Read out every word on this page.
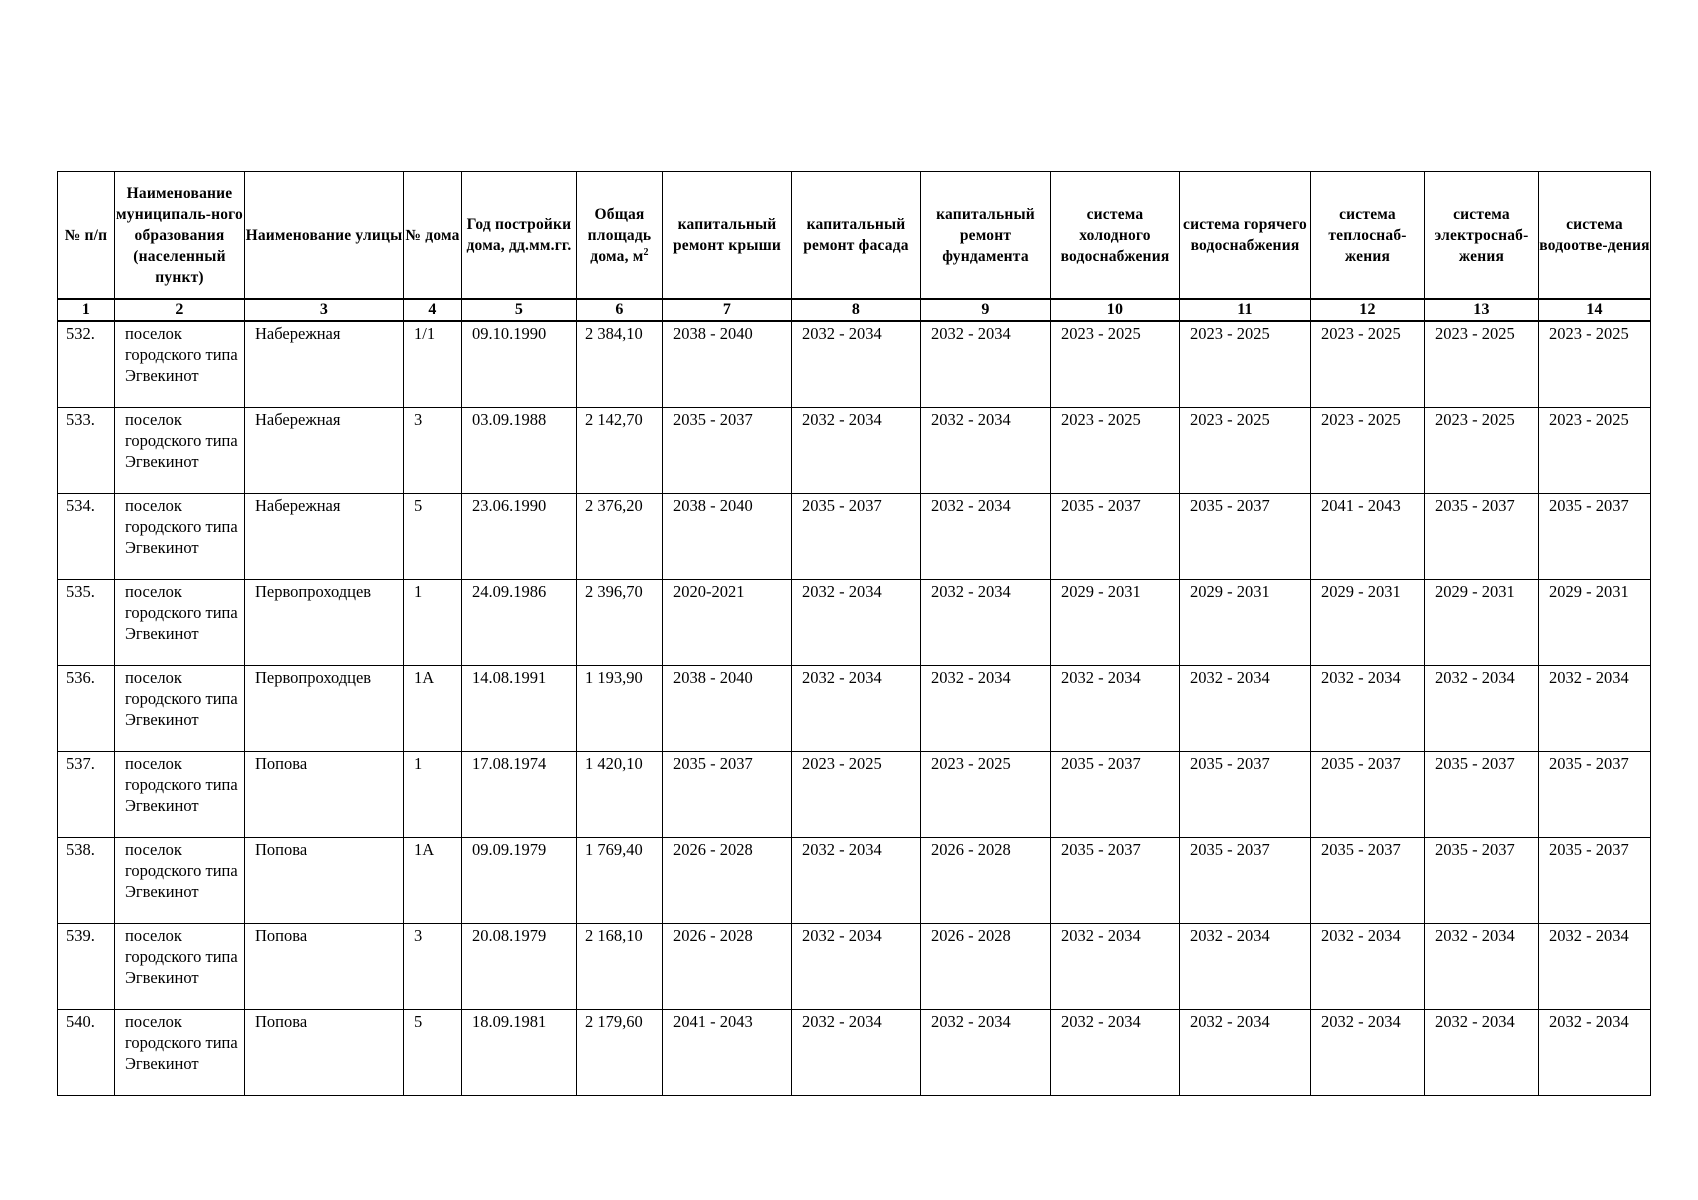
№ п/п	Наименование муниципаль-ного образования (населенный пункт)	Наименование улицы	№ дома	Год постройки дома, дд.мм.гг.	Общая площадь дома, $м^2$	капитальный ремонт крыши	капитальный ремонт фасада	капитальный ремонт фундамента	система холодного водоснабжения	система горячего водоснабжения	система теплоснаб-жения	система электроснаб-жения	система водоотве-дения
1	2	3	4	5	6	7	8	9	10	11	12	13	14
532.	поселок городского типа Эгвекинот	Набережная	1/1	09.10.1990	2 384,10	2038 - 2040	2032 - 2034	2032 - 2034	2023 - 2025	2023 - 2025	2023 - 2025	2023 - 2025	2023 - 2025
533.	поселок городского типа Эгвекинот	Набережная	3	03.09.1988	2 142,70	2035 - 2037	2032 - 2034	2032 - 2034	2023 - 2025	2023 - 2025	2023 - 2025	2023 - 2025	2023 - 2025
534.	поселок городского типа Эгвекинот	Набережная	5	23.06.1990	2 376,20	2038 - 2040	2035 - 2037	2032 - 2034	2035 - 2037	2035 - 2037	2041 - 2043	2035 - 2037	2035 - 2037
535.	поселок городского типа Эгвекинот	Первопроходцев	1	24.09.1986	2 396,70	2020-2021	2032 - 2034	2032 - 2034	2029 - 2031	2029 - 2031	2029 - 2031	2029 - 2031	2029 - 2031
536.	поселок городского типа Эгвекинот	Первопроходцев	1А	14.08.1991	1 193,90	2038 - 2040	2032 - 2034	2032 - 2034	2032 - 2034	2032 - 2034	2032 - 2034	2032 - 2034	2032 - 2034
537.	поселок городского типа Эгвекинот	Попова	1	17.08.1974	1 420,10	2035 - 2037	2023 - 2025	2023 - 2025	2035 - 2037	2035 - 2037	2035 - 2037	2035 - 2037	2035 - 2037
538.	поселок городского типа Эгвекинот	Попова	1А	09.09.1979	1 769,40	2026 - 2028	2032 - 2034	2026 - 2028	2035 - 2037	2035 - 2037	2035 - 2037	2035 - 2037	2035 - 2037
539.	поселок городского типа Эгвекинот	Попова	3	20.08.1979	2 168,10	2026 - 2028	2032 - 2034	2026 - 2028	2032 - 2034	2032 - 2034	2032 - 2034	2032 - 2034	2032 - 2034
540.	поселок городского типа Эгвекинот	Попова	5	18.09.1981	2 179,60	2041 - 2043	2032 - 2034	2032 - 2034	2032 - 2034	2032 - 2034	2032 - 2034	2032 - 2034	2032 - 2034
